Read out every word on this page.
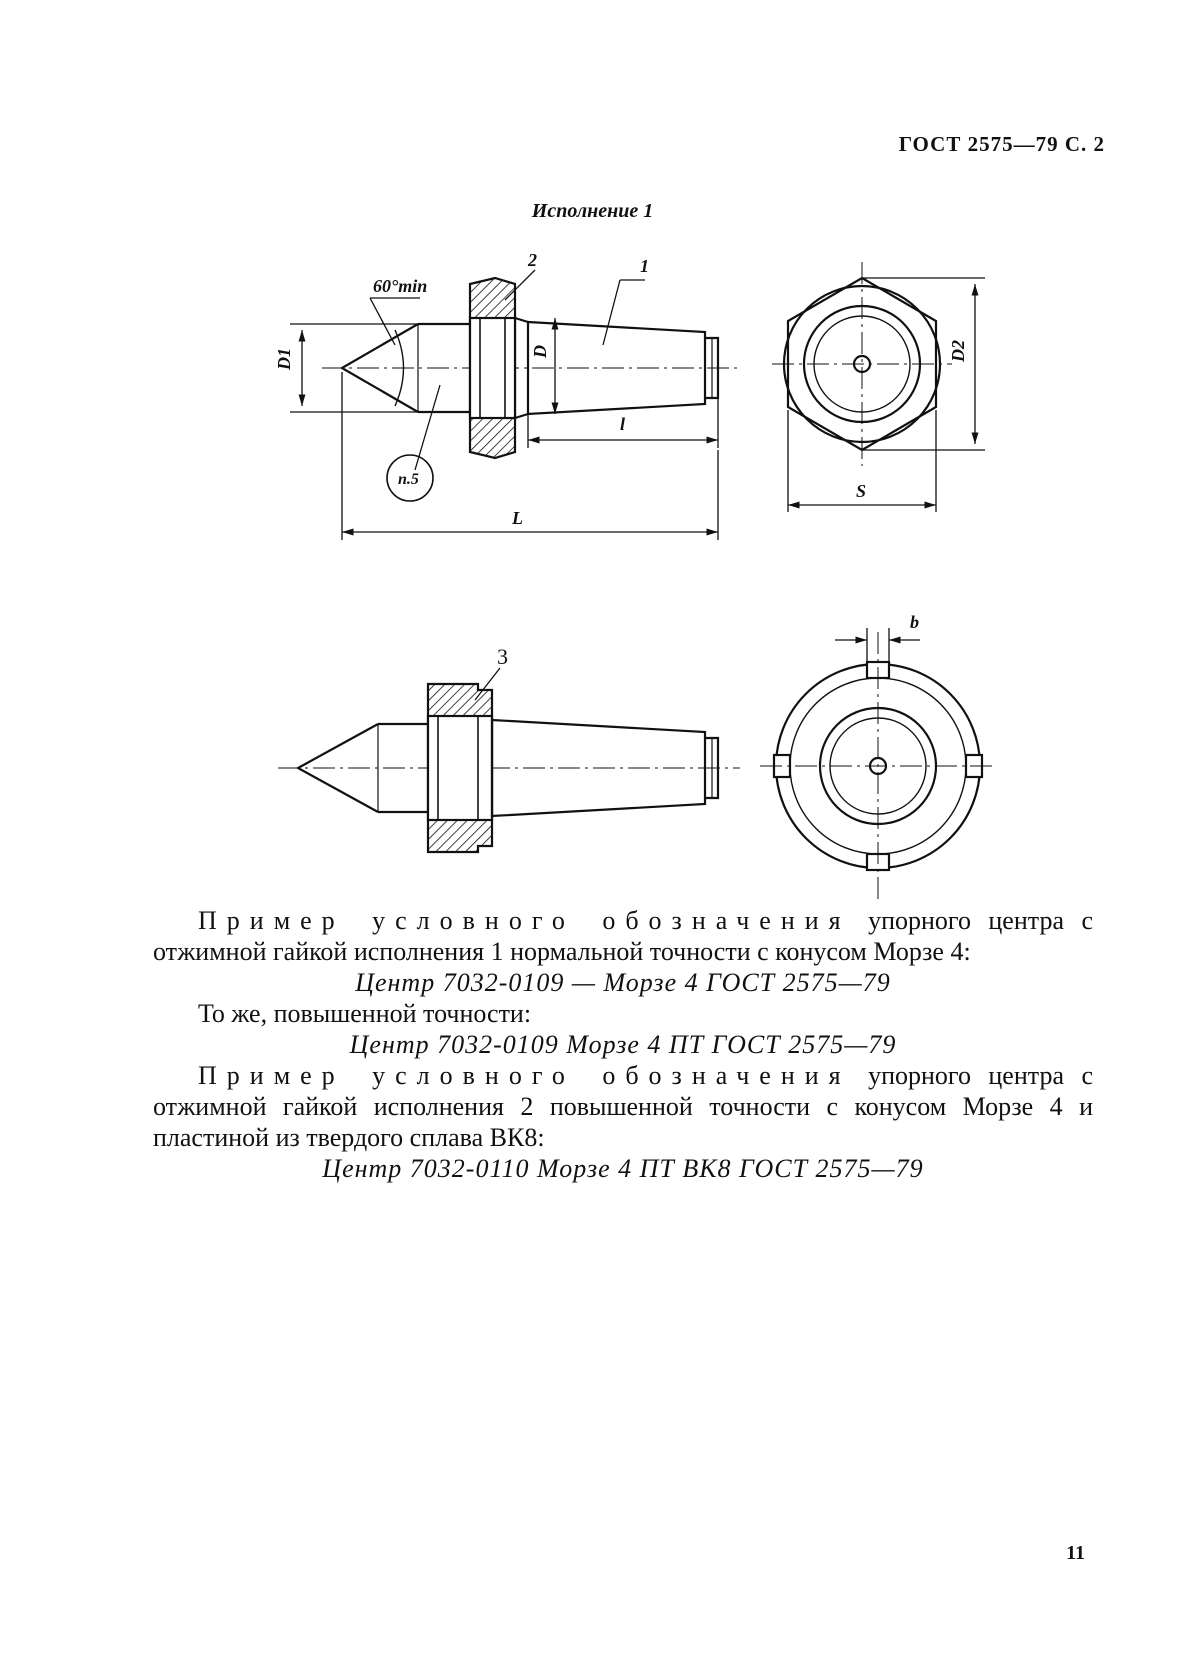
ГОСТ 2575—79 С. 2
Исполнение 1
60°min
D1	D
2	1
l
L
п.5
D2
S
3
b

Пример условного обозначения упорного центра с отжимной гайкой исполнения 1 нормальной точности с конусом Морзе 4:

Центр 7032-0109 — Морзе 4 ГОСТ 2575—79

То же, повышенной точности:

Центр 7032-0109 Морзе 4 ПТ ГОСТ 2575—79

Пример условного обозначения упорного центра с отжимной гайкой исполнения 2 повышенной точности с конусом Морзе 4 и пластиной из твердого сплава ВК8:

Центр 7032-0110 Морзе 4 ПТ ВК8 ГОСТ 2575—79

11
